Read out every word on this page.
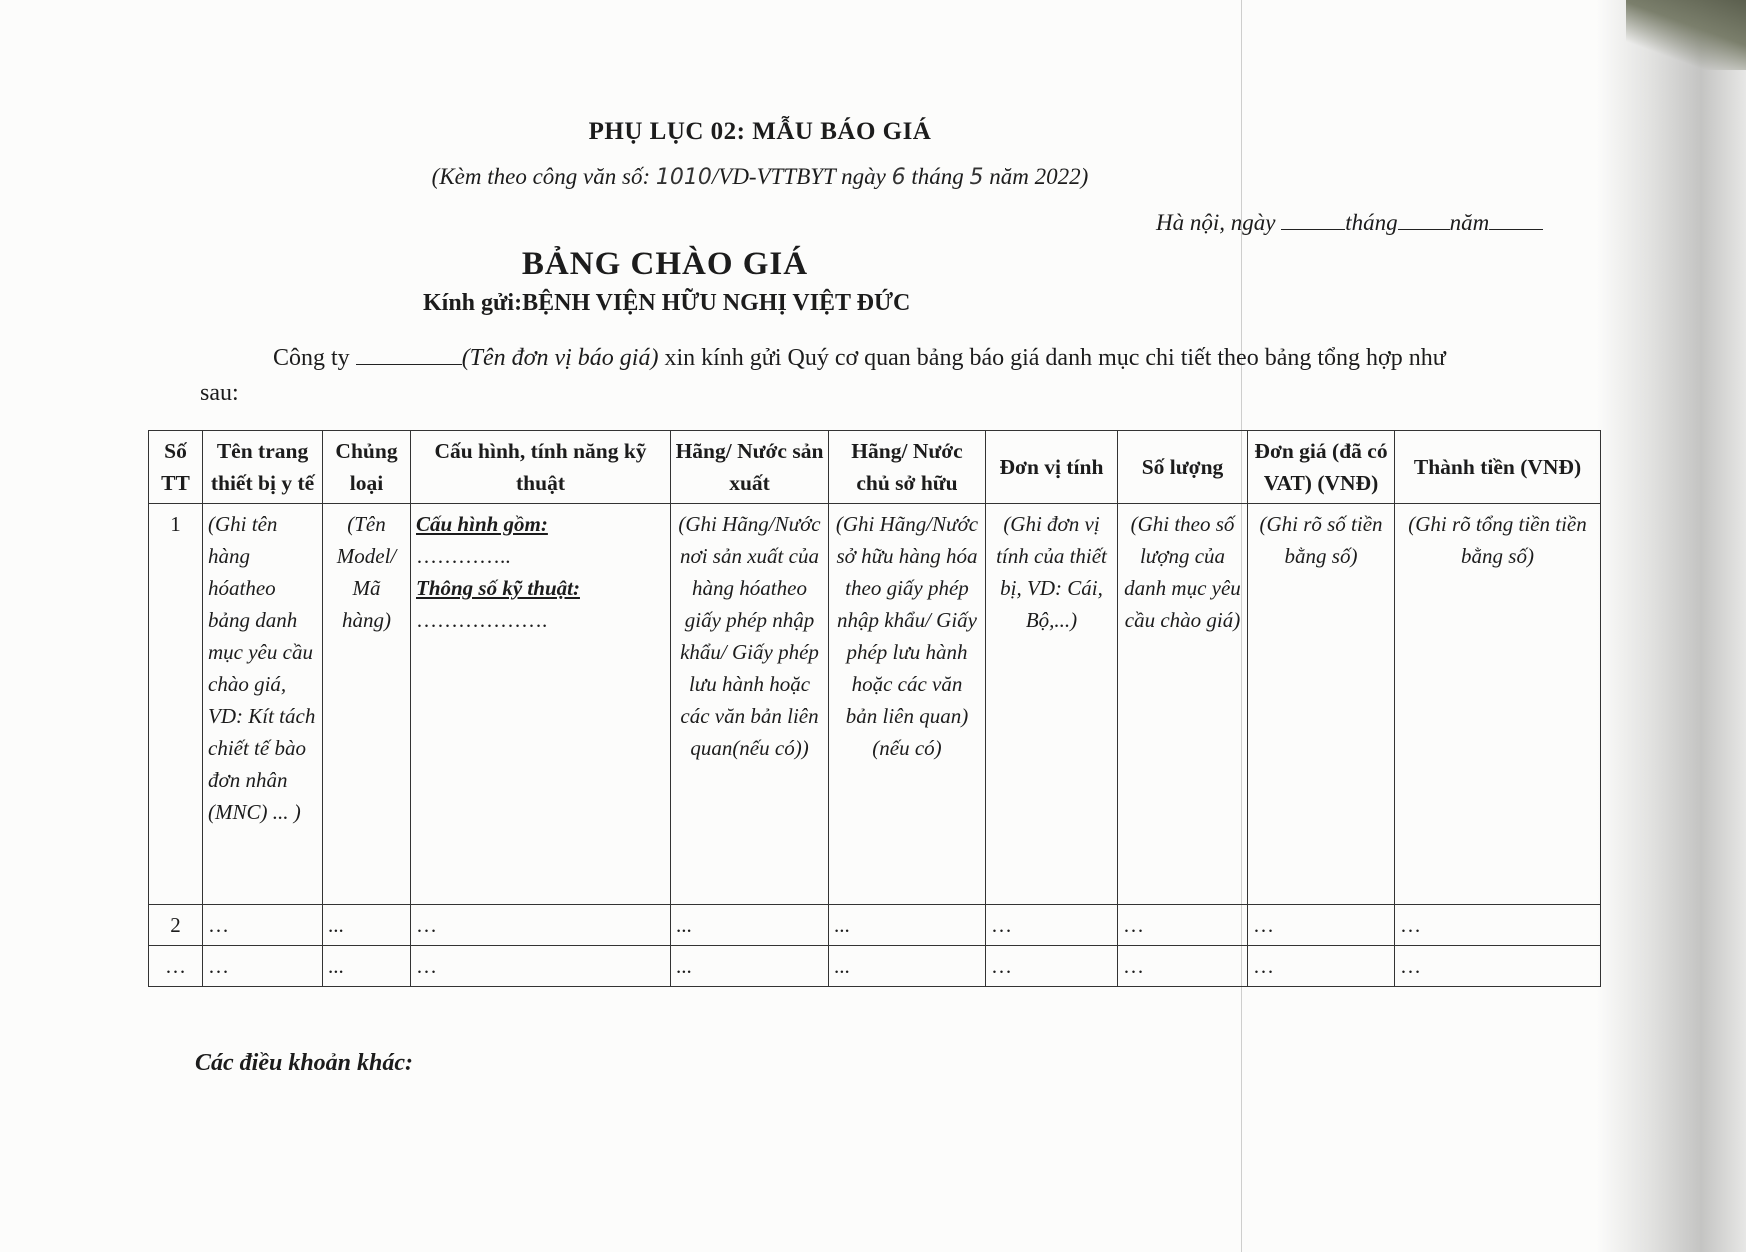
PHỤ LỤC 02: MẪU BÁO GIÁ
(Kèm theo công văn số: 1010/VD-VTTBYT ngày 6 tháng 5 năm 2022)
Hà nội, ngày	tháng năm
BẢNG CHÀO GIÁ
Kính gửi:BỆNH VIỆN HỮU NGHỊ VIỆT ĐỨC
Công ty	(Tên đơn vị báo giá) xin kính gửi Quý cơ quan bảng báo giá danh mục chi tiết theo bảng tổng hợp như
sau:
Số TT	Tên trang thiết bị y tế	Chủng loại	Cấu hình, tính năng kỹ thuật	Hãng/ Nước sản xuất	Hãng/ Nước chủ sở hữu	Đơn vị tính	Số lượng	Đơn giá (đã có VAT) (VNĐ)	Thành tiền (VNĐ)
1	(Ghi tên hàng hóatheo bảng danh mục yêu cầu chào giá, VD: Kít tách chiết tế bào đơn nhân (MNC) ... )	(Tên Model/ Mã hàng)	Cấu hình gồm:
…………..
Thông số kỹ thuật:
……………….	(Ghi Hãng/Nước nơi sản xuất của hàng hóatheo giấy phép nhập khẩu/ Giấy phép lưu hành hoặc các văn bản liên quan(nếu có))	(Ghi Hãng/Nước sở hữu hàng hóa theo giấy phép nhập khẩu/ Giấy phép lưu hành hoặc các văn bản liên quan)(nếu có)	(Ghi đơn vị tính của thiết bị, VD: Cái, Bộ,...)	(Ghi theo số lượng của danh mục yêu cầu chào giá)	(Ghi rõ số tiền bằng số)	(Ghi rõ tổng tiền tiền bằng số)
2	…	...	…	...	...	…	…	…	…
…	…	...	…	...	...	…	…	…	…
Các điều khoản khác:
